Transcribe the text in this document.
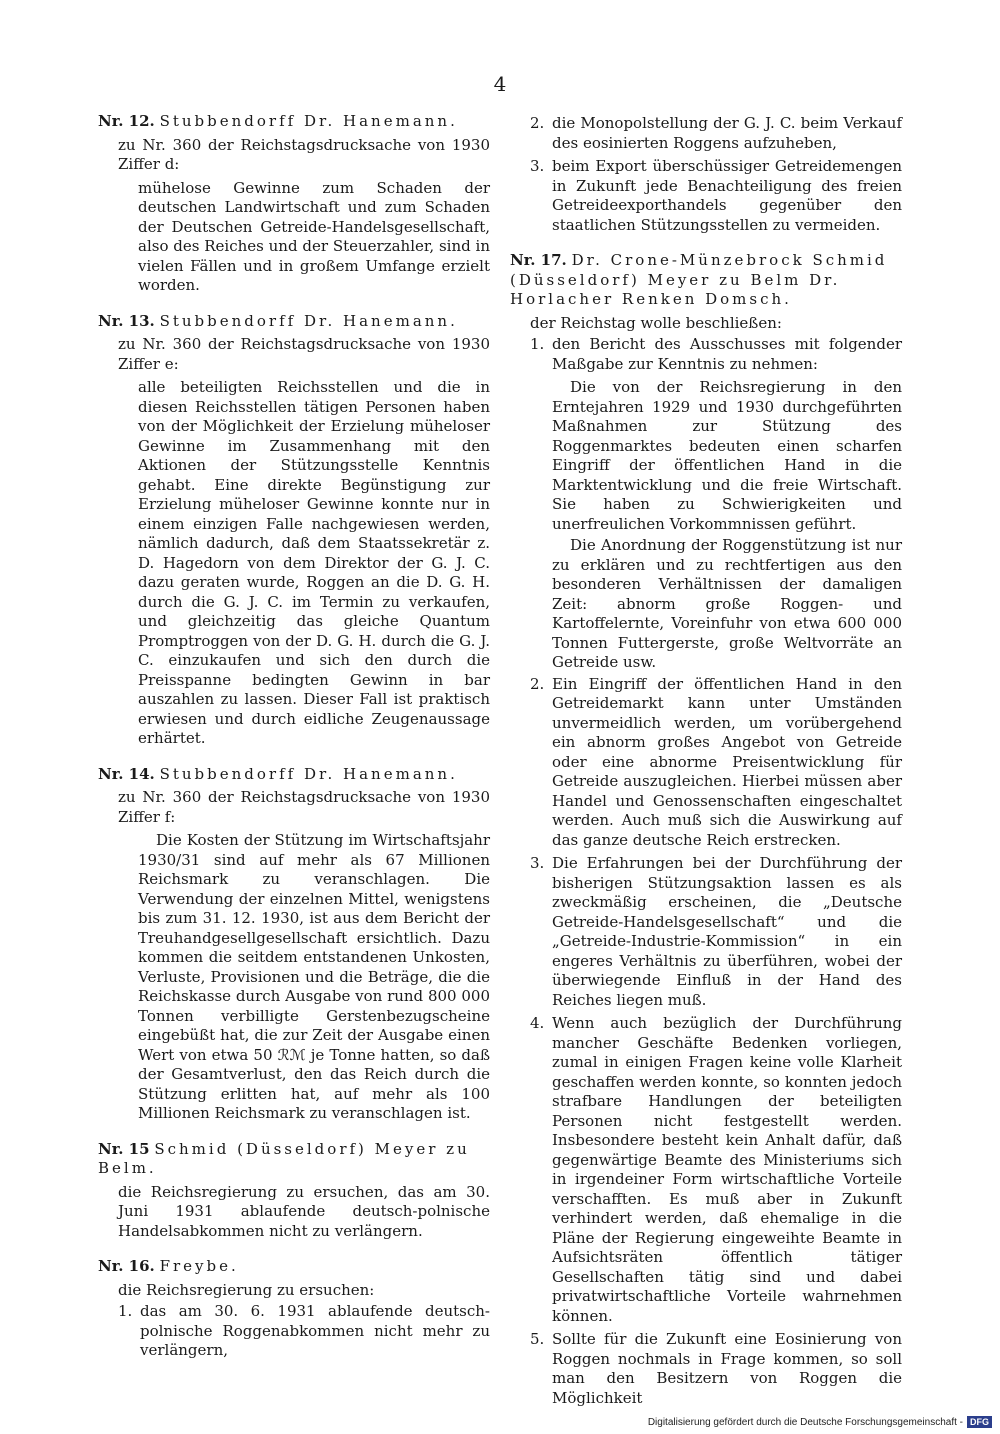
4
Nr. 12. Stubbendorff Dr. Hanemann.
zu Nr. 360 der Reichstagsdrucksache von 1930 Ziffer d:
mühelose Gewinne zum Schaden der deutschen Landwirtschaft und zum Schaden der Deutschen Getreide-Handelsgesellschaft, also des Reiches und der Steuerzahler, sind in vielen Fällen und in großem Umfange erzielt worden.
Nr. 13. Stubbendorff Dr. Hanemann.
zu Nr. 360 der Reichstagsdrucksache von 1930 Ziffer e:
alle beteiligten Reichsstellen und die in diesen Reichsstellen tätigen Personen haben von der Möglichkeit der Erzielung müheloser Gewinne im Zusammenhang mit den Aktionen der Stützungsstelle Kenntnis gehabt. Eine direkte Begünstigung zur Erzielung müheloser Gewinne konnte nur in einem einzigen Falle nachgewiesen werden, nämlich dadurch, daß dem Staatssekretär z. D. Hagedorn von dem Direktor der G. J. C. dazu geraten wurde, Roggen an die D. G. H. durch die G. J. C. im Termin zu verkaufen, und gleichzeitig das gleiche Quantum Promptroggen von der D. G. H. durch die G. J. C. einzukaufen und sich den durch die Preisspanne bedingten Gewinn in bar auszahlen zu lassen. Dieser Fall ist praktisch erwiesen und durch eidliche Zeugenaussage erhärtet.
Nr. 14. Stubbendorff Dr. Hanemann.
zu Nr. 360 der Reichstagsdrucksache von 1930 Ziffer f:
Die Kosten der Stützung im Wirtschaftsjahr 1930/31 sind auf mehr als 67 Millionen Reichsmark zu veranschlagen. Die Verwendung der einzelnen Mittel, wenigstens bis zum 31. 12. 1930, ist aus dem Bericht der Treuhandgesellgesellschaft ersichtlich. Dazu kommen die seitdem entstandenen Unkosten, Verluste, Provisionen und die Beträge, die die Reichskasse durch Ausgabe von rund 800 000 Tonnen verbilligte Gerstenbezugscheine eingebüßt hat, die zur Zeit der Ausgabe einen Wert von etwa 50 ℛℳ je Tonne hatten, so daß der Gesamtverlust, den das Reich durch die Stützung erlitten hat, auf mehr als 100 Millionen Reichsmark zu veranschlagen ist.
Nr. 15 Schmid (Düsseldorf) Meyer zu Belm.
die Reichsregierung zu ersuchen, das am 30. Juni 1931 ablaufende deutsch-polnische Handelsabkommen nicht zu verlängern.
Nr. 16. Freybe.
die Reichsregierung zu ersuchen:
1. das am 30. 6. 1931 ablaufende deutsch-polnische Roggenabkommen nicht mehr zu verlängern,
2. die Monopolstellung der G. J. C. beim Verkauf des eosinierten Roggens aufzuheben,
3. beim Export überschüssiger Getreidemengen in Zukunft jede Benachteiligung des freien Getreideexporthandels gegenüber den staatlichen Stützungsstellen zu vermeiden.
Nr. 17. Dr. Crone-Münzebrock Schmid (Düsseldorf) Meyer zu Belm Dr. Horlacher Renken Domsch.
der Reichstag wolle beschließen:
1. den Bericht des Ausschusses mit folgender Maßgabe zur Kenntnis zu nehmen:
Die von der Reichsregierung in den Erntejahren 1929 und 1930 durchgeführten Maßnahmen zur Stützung des Roggenmarktes bedeuten einen scharfen Eingriff der öffentlichen Hand in die Marktentwicklung und die freie Wirtschaft. Sie haben zu Schwierigkeiten und unerfreulichen Vorkommnissen geführt.
Die Anordnung der Roggenstützung ist nur zu erklären und zu rechtfertigen aus den besonderen Verhältnissen der damaligen Zeit: abnorm große Roggen- und Kartoffelernte, Voreinfuhr von etwa 600 000 Tonnen Futtergerste, große Weltvorräte an Getreide usw.
2. Ein Eingriff der öffentlichen Hand in den Getreidemarkt kann unter Umständen unvermeidlich werden, um vorübergehend ein abnorm großes Angebot von Getreide oder eine abnorme Preisentwicklung für Getreide auszugleichen. Hierbei müssen aber Handel und Genossenschaften eingeschaltet werden. Auch muß sich die Auswirkung auf das ganze deutsche Reich erstrecken.
3. Die Erfahrungen bei der Durchführung der bisherigen Stützungsaktion lassen es als zweckmäßig erscheinen, die „Deutsche Getreide-Handelsgesellschaft“ und die „Getreide-Industrie-Kommission“ in ein engeres Verhältnis zu überführen, wobei der überwiegende Einfluß in der Hand des Reiches liegen muß.
4. Wenn auch bezüglich der Durchführung mancher Geschäfte Bedenken vorliegen, zumal in einigen Fragen keine volle Klarheit geschaffen werden konnte, so konnten jedoch strafbare Handlungen der beteiligten Personen nicht festgestellt werden. Insbesondere besteht kein Anhalt dafür, daß gegenwärtige Beamte des Ministeriums sich in irgendeiner Form wirtschaftliche Vorteile verschafften. Es muß aber in Zukunft verhindert werden, daß ehemalige in die Pläne der Regierung eingeweihte Beamte in Aufsichtsräten öffentlich tätiger Gesellschaften tätig sind und dabei privatwirtschaftliche Vorteile wahrnehmen können.
5. Sollte für die Zukunft eine Eosinierung von Roggen nochmals in Frage kommen, so soll man den Besitzern von Roggen die Möglichkeit
Digitalisierung gefördert durch die Deutsche Forschungsgemeinschaft - DFG
